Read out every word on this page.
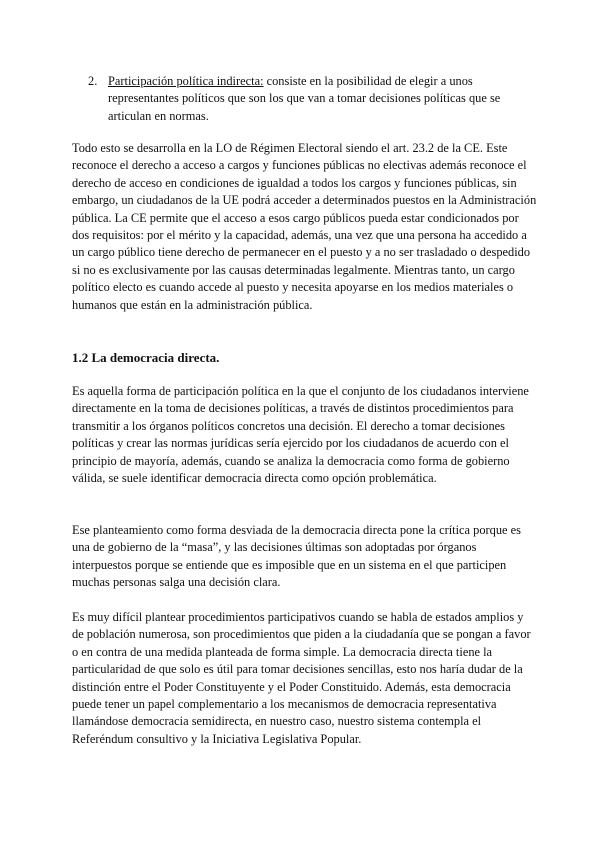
2. Participación política indirecta: consiste en la posibilidad de elegir a unos representantes políticos que son los que van a tomar decisiones políticas que se articulan en normas.

Todo esto se desarrolla en la LO de Régimen Electoral siendo el art. 23.2 de la CE. Este reconoce el derecho a acceso a cargos y funciones públicas no electivas además reconoce el derecho de acceso en condiciones de igualdad a todos los cargos y funciones públicas, sin embargo, un ciudadanos de la UE podrá acceder a determinados puestos en la Administración pública. La CE permite que el acceso a esos cargo públicos pueda estar condicionados por dos requisitos: por el mérito y la capacidad, además, una vez que una persona ha accedido a un cargo público tiene derecho de permanecer en el puesto y a no ser trasladado o despedido si no es exclusivamente por las causas determinadas legalmente. Mientras tanto, un cargo político electo es cuando accede al puesto y necesita apoyarse en los medios materiales o humanos que están en la administración pública.

1.2 La democracia directa.

Es aquella forma de participación política en la que el conjunto de los ciudadanos interviene directamente en la toma de decisiones políticas, a través de distintos procedimientos para transmitir a los órganos políticos concretos una decisión. El derecho a tomar decisiones políticas y crear las normas jurídicas sería ejercido por los ciudadanos de acuerdo con el principio de mayoría, además, cuando se analiza la democracia como forma de gobierno válida, se suele identificar democracia directa como opción problemática.

Ese planteamiento como forma desviada de la democracia directa pone la crítica porque es una de gobierno de la “masa”, y las decisiones últimas son adoptadas por órganos interpuestos porque se entiende que es imposible que en un sistema en el que participen muchas personas salga una decisión clara.

Es muy difícil plantear procedimientos participativos cuando se habla de estados amplios y de población numerosa, son procedimientos que piden a la ciudadanía que se pongan a favor o en contra de una medida planteada de forma simple. La democracia directa tiene la particularidad de que solo es útil para tomar decisiones sencillas, esto nos haría dudar de la distinción entre el Poder Constituyente y el Poder Constituido. Además, esta democracia puede tener un papel complementario a los mecanismos de democracia representativa llamándose democracia semidirecta, en nuestro caso, nuestro sistema contempla el Referéndum consultivo y la Iniciativa Legislativa Popular.
